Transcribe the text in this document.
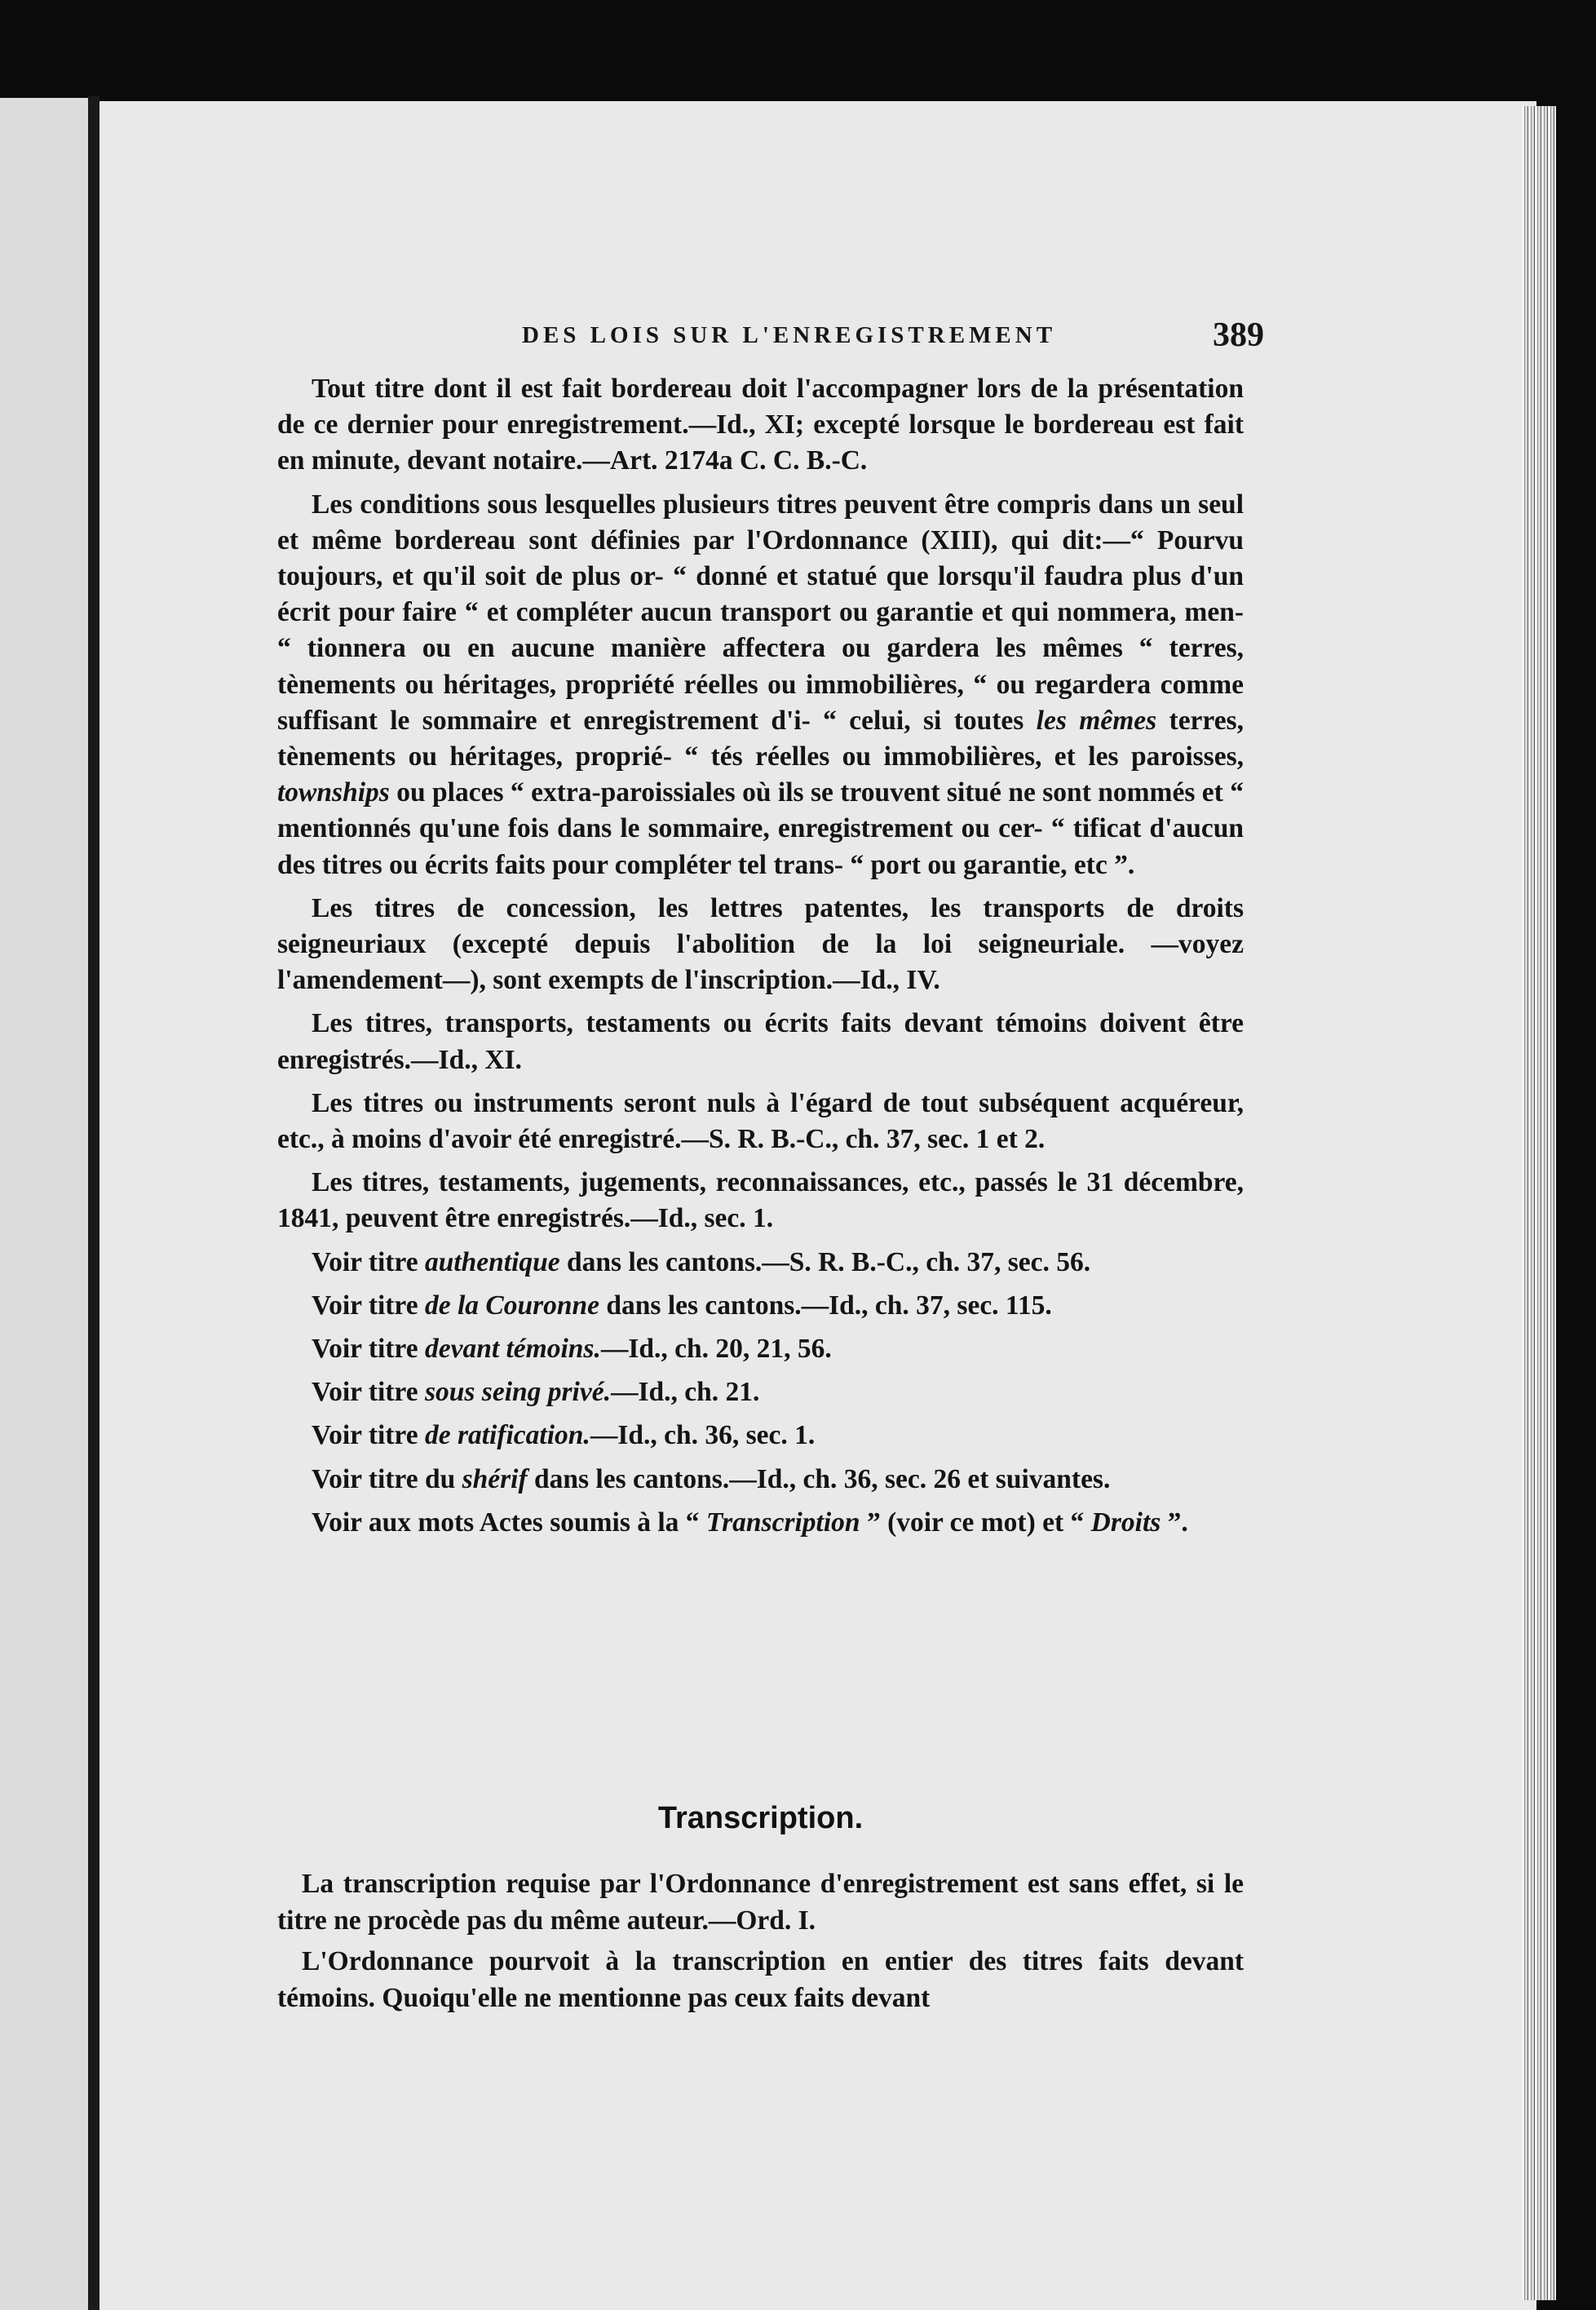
DES LOIS SUR L'ENREGISTREMENT	389

Tout titre dont il est fait bordereau doit l'accompagner lors de la présentation de ce dernier pour enregistrement.—Id., XI; excepté lorsque le bordereau est fait en minute, devant notaire.—Art. 2174a C. C. B.-C.

Les conditions sous lesquelles plusieurs titres peuvent être compris dans un seul et même bordereau sont définies par l'Ordonnance (XIII), qui dit:—“ Pourvu toujours, et qu'il soit de plus or- “ donné et statué que lorsqu'il faudra plus d'un écrit pour faire “ et compléter aucun transport ou garantie et qui nommera, men- “ tionnera ou en aucune manière affectera ou gardera les mêmes “ terres, tènements ou héritages, propriété réelles ou immobilières, “ ou regardera comme suffisant le sommaire et enregistrement d'i- “ celui, si toutes les mêmes terres, tènements ou héritages, proprié- “ tés réelles ou immobilières, et les paroisses, townships ou places “ extra-paroissiales où ils se trouvent situé ne sont nommés et “ mentionnés qu'une fois dans le sommaire, enregistrement ou cer- “ tificat d'aucun des titres ou écrits faits pour compléter tel trans- “ port ou garantie, etc ”.

Les titres de concession, les lettres patentes, les transports de droits seigneuriaux (excepté depuis l'abolition de la loi seigneuriale. —voyez l'amendement—), sont exempts de l'inscription.—Id., IV.

Les titres, transports, testaments ou écrits faits devant témoins doivent être enregistrés.—Id., XI.

Les titres ou instruments seront nuls à l'égard de tout subséquent acquéreur, etc., à moins d'avoir été enregistré.—S. R. B.-C., ch. 37, sec. 1 et 2.

Les titres, testaments, jugements, reconnaissances, etc., passés le 31 décembre, 1841, peuvent être enregistrés.—Id., sec. 1.

Voir titre authentique dans les cantons.—S. R. B.-C., ch. 37, sec. 56.

Voir titre de la Couronne dans les cantons.—Id., ch. 37, sec. 115.

Voir titre devant témoins.—Id., ch. 20, 21, 56.

Voir titre sous seing privé.—Id., ch. 21.

Voir titre de ratification.—Id., ch. 36, sec. 1.

Voir titre du shérif dans les cantons.—Id., ch. 36, sec. 26 et suivantes.

Voir aux mots Actes soumis à la “ Transcription ” (voir ce mot) et “ Droits ”.

Transcription.

La transcription requise par l'Ordonnance d'enregistrement est sans effet, si le titre ne procède pas du même auteur.—Ord. I.

L'Ordonnance pourvoit à la transcription en entier des titres faits devant témoins. Quoiqu'elle ne mentionne pas ceux faits devant
